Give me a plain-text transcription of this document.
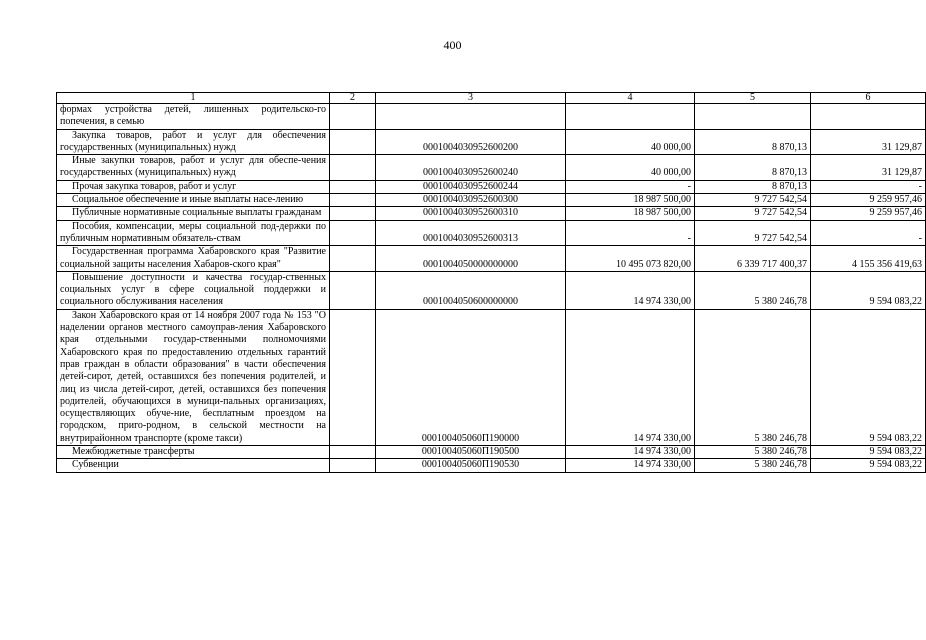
400
1	2	3	4	5	6
формах устройства детей, лишенных родительско-го попечения, в семью					
Закупка товаров, работ и услуг для обеспечения государственных (муниципальных) нужд		0001004030952600200	40 000,00	8 870,13	31 129,87
Иные закупки товаров, работ и услуг для обеспе-чения государственных (муниципальных) нужд		0001004030952600240	40 000,00	8 870,13	31 129,87
Прочая закупка товаров, работ и услуг		0001004030952600244	-	8 870,13	-
Социальное обеспечение и иные выплаты насе-лению		0001004030952600300	18 987 500,00	9 727 542,54	9 259 957,46
Публичные нормативные социальные выплаты гражданам		0001004030952600310	18 987 500,00	9 727 542,54	9 259 957,46
Пособия, компенсации, меры социальной под-держки по публичным нормативным обязатель-ствам		0001004030952600313	-	9 727 542,54	-
Государственная программа Хабаровского края "Развитие социальной защиты населения Хабаров-ского края"		0001004050000000000	10 495 073 820,00	6 339 717 400,37	4 155 356 419,63
Повышение доступности и качества государ-ственных социальных услуг в сфере социальной поддержки и социального обслуживания населения		0001004050600000000	14 974 330,00	5 380 246,78	9 594 083,22
Закон Хабаровского края от 14 ноября 2007 года № 153 "О наделении органов местного самоуправ-ления Хабаровского края отдельными государ-ственными полномочиями Хабаровского края по предоставлению отдельных гарантий прав граждан в области образования" в части обеспечения детей-сирот, детей, оставшихся без попечения родителей, и лиц из числа детей-сирот, детей, оставшихся без попечения родителей, обучающихся в муници-пальных организациях, осуществляющих обуче-ние, бесплатным проездом на городском, приго-родном, в сельской местности на внутрирайонном транспорте (кроме такси)		000100405060П190000	14 974 330,00	5 380 246,78	9 594 083,22
Межбюджетные трансферты		000100405060П190500	14 974 330,00	5 380 246,78	9 594 083,22
Субвенции		000100405060П190530	14 974 330,00	5 380 246,78	9 594 083,22
